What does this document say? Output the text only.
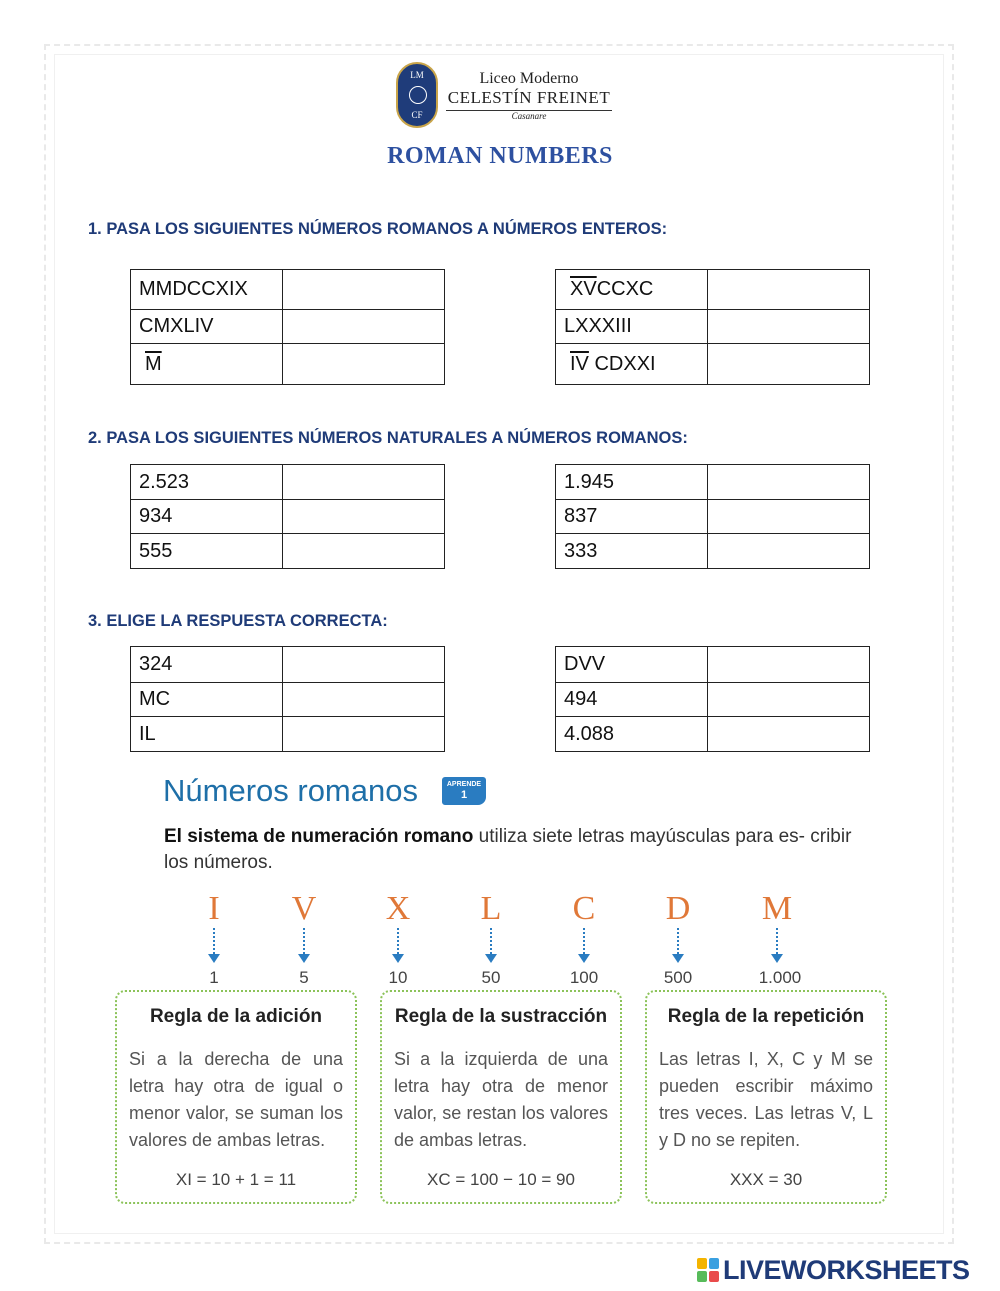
LM
CF
Liceo Moderno
CELESTÍN FREINET
Casanare
ROMAN NUMBERS
1. PASA LOS SIGUIENTES NÚMEROS ROMANOS A NÚMEROS ENTEROS:
MMDCCXIX	
CMXLIV	
$\overline{M}$	
$\overline{XV}CCXC$	
LXXXIII	
$\overline{IV}$ CDXXI	
2. PASA LOS SIGUIENTES NÚMEROS NATURALES A NÚMEROS ROMANOS:
2.523	
934	
555	
1.945	
837	
333	
3. ELIGE LA RESPUESTA CORRECTA:
324	
MC	
IL	
DVV	
494	
4.088	
Números romanos	APRENDE
1
El sistema de numeración romano utiliza siete letras mayúsculas para es- cribir los números.
I	V X L C D M
1	5	10	50	100	500	1.000
Regla de la adición
Si a la derecha de una letra hay otra de igual o menor valor, se suman los valores de ambas letras.
XI = 10 + 1 = 11
Regla de la sustracción
Si a la izquierda de una letra hay otra de menor valor, se restan los valores de ambas letras.
XC = 100 − 10 = 90
Regla de la repetición
Las letras I, X, C y M se pueden escribir máximo tres veces. Las letras V, L y D no se repiten.
XXX = 30
LIVEWORKSHEETS
